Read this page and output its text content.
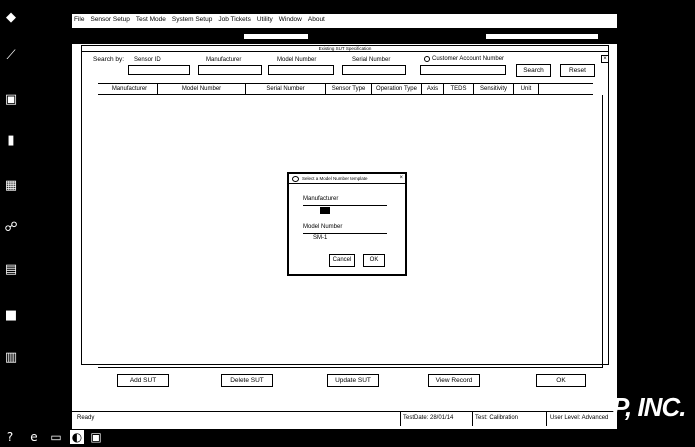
◆
⟋
▣
▮
▦
☍
▤
■
▥
File Sensor Setup Test Mode System Setup Job Tickets Utility Window About
Existing SUT Specification
×
Search by: Sensor ID	Manufacturer	Model Number	Serial Number	Customer Account Number
Search	Reset
Manufacturer	Model Number	Serial Number	Sensor Type	Operation Type	Axis	TEDS	Sensitivity	Unit
Select a Model Number template	×
Manufacturer
Model Number
SM-1
Cancel	OK
Add SUT	Delete SUT	Update SUT	View Record	OK
Ready	TestDate: 28/01/14	Test: Calibration	User Level: Advanced P, INC.
?	e ▭ ◐ ▣
